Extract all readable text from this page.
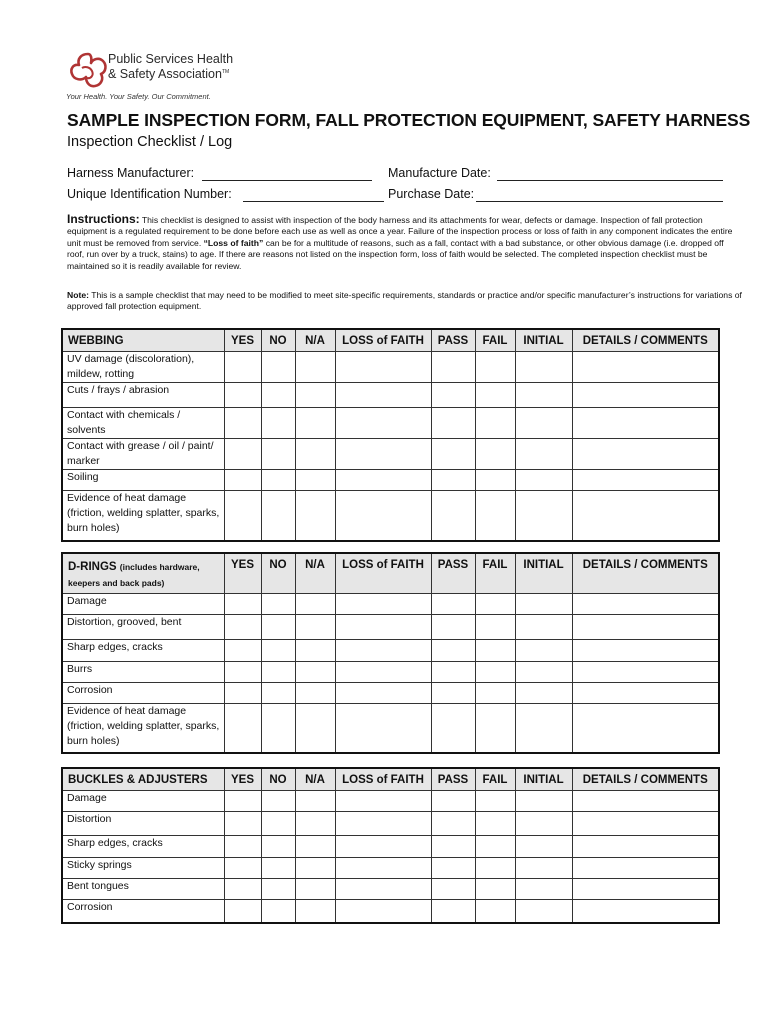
Public Services Health
& Safety Association™
Your Health. Your Safety. Our Commitment.
SAMPLE INSPECTION FORM, FALL PROTECTION EQUIPMENT, SAFETY HARNESS
Inspection Checklist / Log
Harness Manufacturer:	Manufacture Date:
Unique Identification Number:	Purchase Date:
Instructions: This checklist is designed to assist with inspection of the body harness and its attachments for wear, defects or damage. Inspection of fall protection equipment is a regulated requirement to be done before each use as well as once a year. Failure of the inspection process or loss of faith in any component indicates the entire unit must be removed from service. “Loss of faith” can be for a multitude of reasons, such as a fall, contact with a bad substance, or other obvious damage (i.e. dropped off roof, run over by a truck, stains) to age. If there are reasons not listed on the inspection form, loss of faith would be selected. The completed inspection checklist must be maintained so it is readily available for review.
Note: This is a sample checklist that may need to be modified to meet site-specific requirements, standards or practice and/or specific manufacturer’s instructions for variations of approved fall protection equipment.
WEBBING	YES	NO	N/A	LOSS of FAITH	PASS	FAIL	INITIAL	DETAILS / COMMENTS
UV damage (discoloration), mildew, rotting								
Cuts / frays / abrasion								
Contact with chemicals / solvents								
Contact with grease / oil / paint/ marker								
Soiling								
Evidence of heat damage (friction, welding splatter, sparks, burn holes)								
D-RINGS (includes hardware, keepers and back pads)	YES	NO	N/A	LOSS of FAITH	PASS	FAIL	INITIAL	DETAILS / COMMENTS
Damage								
Distortion, grooved, bent								
Sharp edges, cracks								
Burrs								
Corrosion								
Evidence of heat damage (friction, welding splatter, sparks, burn holes)								
BUCKLES & ADJUSTERS	YES	NO	N/A	LOSS of FAITH	PASS	FAIL	INITIAL	DETAILS / COMMENTS
Damage								
Distortion								
Sharp edges, cracks								
Sticky springs								
Bent tongues								
Corrosion								
